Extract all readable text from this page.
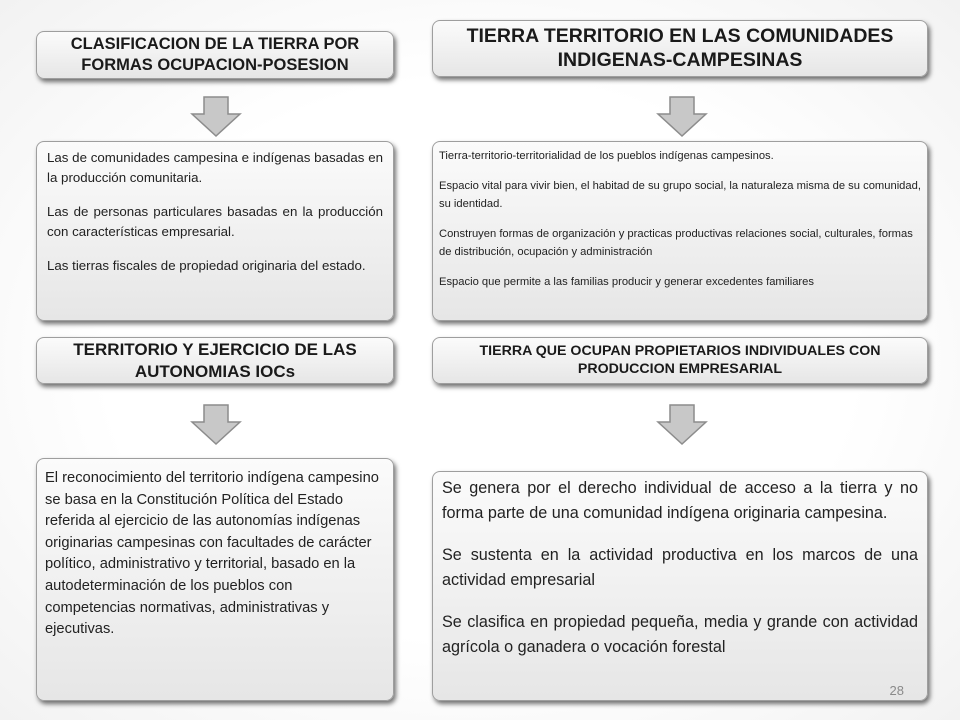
CLASIFICACION DE LA TIERRA POR FORMAS OCUPACION-POSESION

Las de comunidades campesina e indígenas basadas en la producción comunitaria.

Las de personas particulares basadas en la producción con características empresarial.

Las tierras fiscales de propiedad originaria del estado.

TIERRA TERRITORIO EN LAS COMUNIDADES INDIGENAS-CAMPESINAS

Tierra-territorio-territorialidad de los pueblos indígenas campesinos.

Espacio vital para vivir bien, el habitad de su grupo social, la naturaleza misma de su comunidad, su identidad.

Construyen formas de organización y practicas productivas relaciones social, culturales, formas de distribución, ocupación y administración

Espacio que permite a las familias producir y generar excedentes familiares

TERRITORIO Y EJERCICIO DE LAS AUTONOMIAS IOCs

El reconocimiento del territorio indígena campesino se basa en la Constitución Política del Estado referida al ejercicio de las autonomías indígenas originarias campesinas con facultades de carácter político, administrativo y territorial, basado en la autodeterminación de los pueblos con competencias normativas, administrativas y ejecutivas.

TIERRA QUE OCUPAN PROPIETARIOS INDIVIDUALES CON PRODUCCION EMPRESARIAL

Se genera por el derecho individual de acceso a la tierra y no forma parte de una comunidad indígena originaria campesina.

Se sustenta en la actividad productiva en los marcos de una actividad empresarial

Se clasifica en propiedad pequeña, media y grande con actividad agrícola o ganadera o vocación forestal

28
